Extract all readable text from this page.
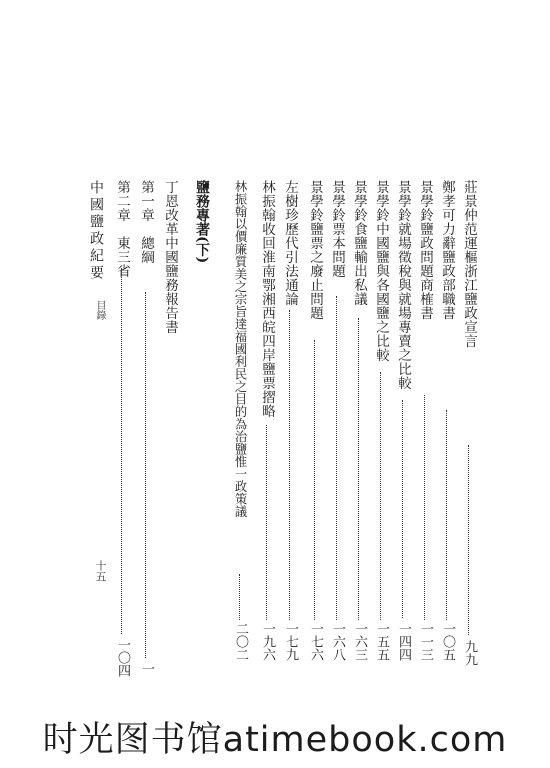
莊景仲范運樞浙江鹽政宣言
九九
鄭孝可力辭鹽政部職書
一〇五
景學鈴鹽政問題商榷書
一一三
景學鈴就場徵稅與就場專賣之比較
一四四
景學鈴中國鹽與各國鹽之比較
一五五
景學鈴食鹽輸出私議
一六三
景學鈴票本問題
一六八
景學鈴鹽票之廢止問題
一七六
左樹珍歷代引法通論
一七九
林振翰收回淮南鄂湘西皖四岸鹽票摺略
一九六
林振翰以價廉質美之宗旨達福國利民之目的為治鹽惟一政策議
二〇二
鹽務專著(下)
丁恩改革中國鹽務報告書
第一章　總綱
一
第二章　東三省
一〇四
中國鹽政紀要
目錄
十五
时光图书馆atimebook.com
